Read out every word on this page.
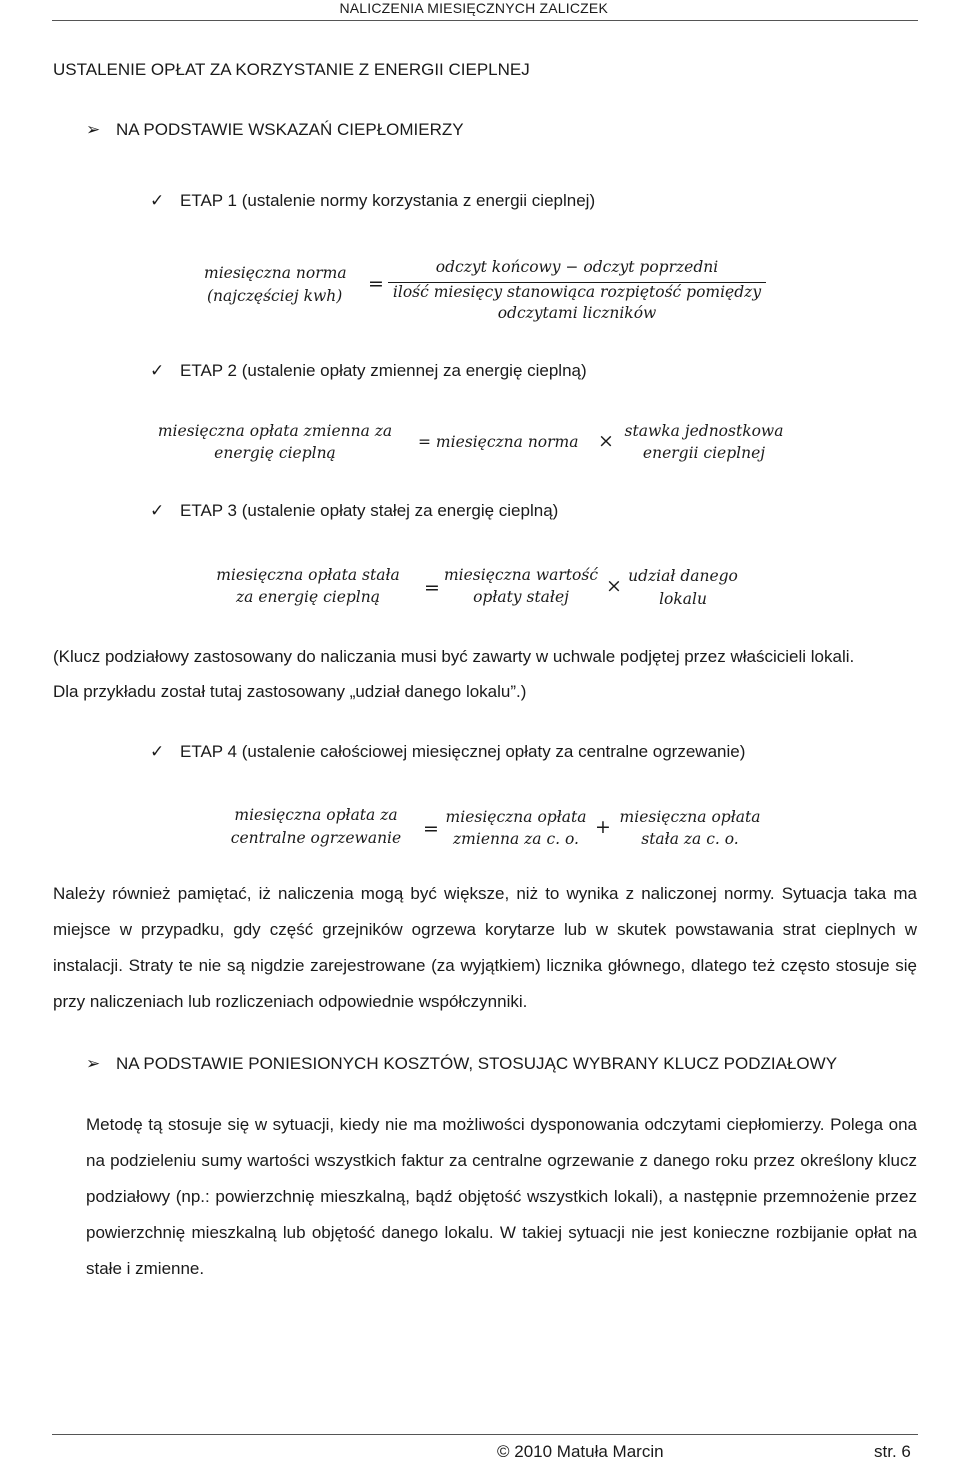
NALICZENIA MIESIĘCZNYCH ZALICZEK
USTALENIE OPŁAT ZA KORZYSTANIE Z ENERGII CIEPLNEJ
➢ NA PODSTAWIE WSKAZAŃ CIEPŁOMIERZY
✓ ETAP 1 (ustalenie normy korzystania z energii cieplnej)
miesięczna norma
(najczęściej kwh)
=
odczyt końcowy − odczyt poprzedni
ilość miesięcy stanowiąca rozpiętość pomiędzy
odczytami liczników
✓ ETAP 2 (ustalenie opłaty zmiennej za energię cieplną)
miesięczna opłata zmienna za
energię cieplną
= miesięczna norma × stawka jednostkowa
energii cieplnej
✓ ETAP 3 (ustalenie opłaty stałej za energię cieplną)
miesięczna opłata stała
za energię cieplną	=
miesięczna wartość
opłaty stałej	× udział danego
lokalu
(Klucz podziałowy zastosowany do naliczania musi być zawarty w uchwale podjętej przez właścicieli lokali.
Dla przykładu został tutaj zastosowany „udział danego lokalu”.)
✓ ETAP 4 (ustalenie całościowej miesięcznej opłaty za centralne ogrzewanie)
miesięczna opłata za
centralne ogrzewanie	=
miesięczna opłata
zmienna za c. o.
+ miesięczna opłata
stała za c. o.
Należy również pamiętać, iż naliczenia mogą być większe, niż to wynika z naliczonej normy. Sytuacja taka ma miejsce w przypadku, gdy część grzejników ogrzewa korytarze lub w skutek powstawania strat cieplnych w instalacji. Straty te nie są nigdzie zarejestrowane (za wyjątkiem) licznika głównego, dlatego też często stosuje się przy naliczeniach lub rozliczeniach odpowiednie współczynniki.
➢ NA PODSTAWIE PONIESIONYCH KOSZTÓW, STOSUJĄC WYBRANY KLUCZ PODZIAŁOWY
Metodę tą stosuje się w sytuacji, kiedy nie ma możliwości dysponowania odczytami ciepłomierzy. Polega ona na podzieleniu sumy wartości wszystkich faktur za centralne ogrzewanie z danego roku przez określony klucz podziałowy (np.: powierzchnię mieszkalną, bądź objętość wszystkich lokali), a następnie przemnożenie przez powierzchnię mieszkalną lub objętość danego lokalu. W takiej sytuacji nie jest konieczne rozbijanie opłat na stałe i zmienne.
© 2010 Matuła Marcin	str. 6
